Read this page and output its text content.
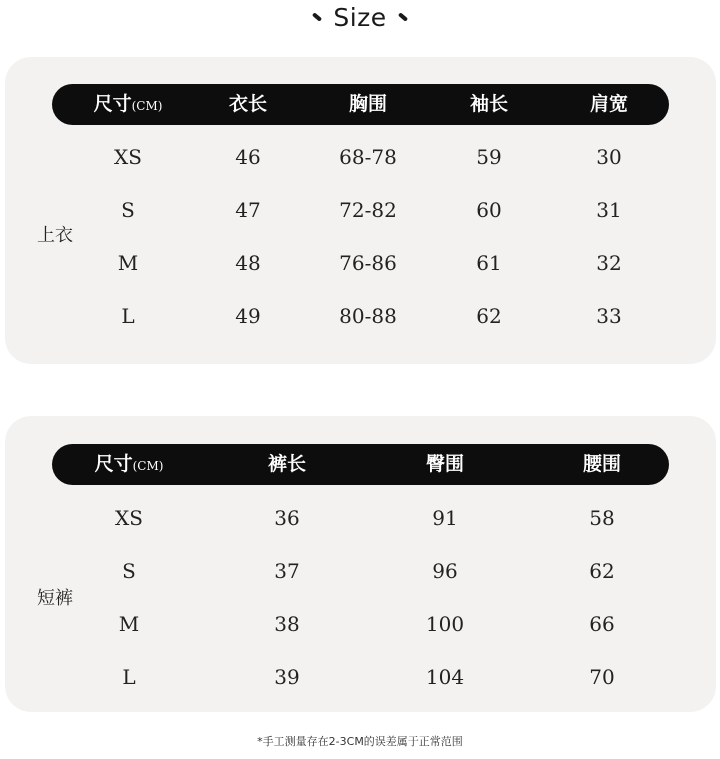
Size
尺寸(CM)	衣长	胸围	袖长	肩宽
上衣
XS	46	68-78	59	30
S	47	72-82	60	31
M	48	76-86	61	32
L	49	80-88	62	33
尺寸(CM)	裤长	臀围	腰围
短裤
XS	36	91	58
S	37	96	62
M	38	100	66
L	39	104	70
*手工测量存在2-3CM的误差属于正常范围
